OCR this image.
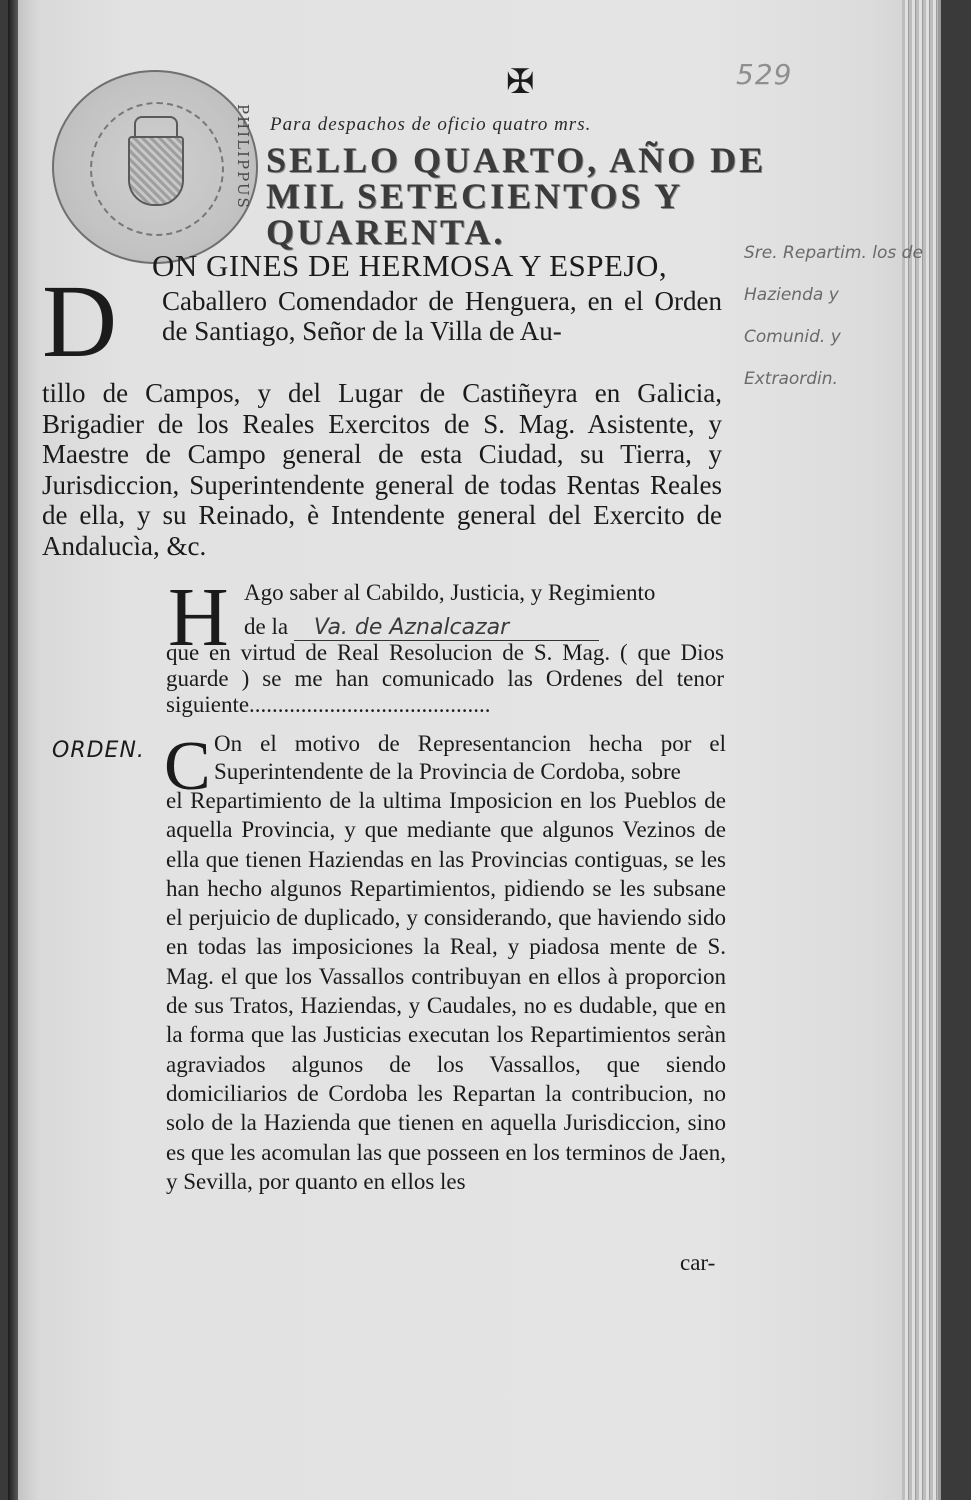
✠	529
PHILIPPUS Para despachos de oficio quatro mrs.
SELLO QUARTO, AÑO DE MIL SETECIENTOS Y QUARENTA.
Sre. Repartim. los de Hazienda y Comunid. y Extraordin.
D ON GINES DE HERMOSA Y ESPEJO,
Caballero Comendador de Henguera, en el Orden de Santiago, Señor de la Villa de Au-
tillo de Campos, y del Lugar de Castiñeyra en Galicia, Brigadier de los Reales Exercitos de S. Mag. Asistente, y Maestre de Campo general de esta Ciudad, su Tierra, y Jurisdiccion, Superintendente general de todas Rentas Reales de ella, y su Reinado, è Intendente general del Exercito de Andalucìa, &c.
H Ago saber al Cabildo, Justicia, y Regimiento
de la Va. de Aznalcazar
que en virtud de Real Resolucion de S. Mag. ( que Dios guarde ) se me han comunicado las Ordenes del tenor siguiente..........................................
ORDEN. C On el motivo de Representancion hecha por el Superintendente de la Provincia de Cordoba, sobre
el Repartimiento de la ultima Imposicion en los Pueblos de aquella Provincia, y que mediante que algunos Vezinos de ella que tienen Haziendas en las Provincias contiguas, se les han hecho algunos Repartimientos, pidiendo se les subsane el perjuicio de duplicado, y considerando, que haviendo sido en todas las imposiciones la Real, y piadosa mente de S. Mag. el que los Vassallos contribuyan en ellos à proporcion de sus Tratos, Haziendas, y Caudales, no es dudable, que en la forma que las Justicias executan los Repartimientos seràn agraviados algunos de los Vassallos, que siendo domiciliarios de Cordoba les Repartan la contribucion, no solo de la Hazienda que tienen en aquella Jurisdiccion, sino es que les acomulan las que posseen en los terminos de Jaen, y Sevilla, por quanto en ellos les
car-
